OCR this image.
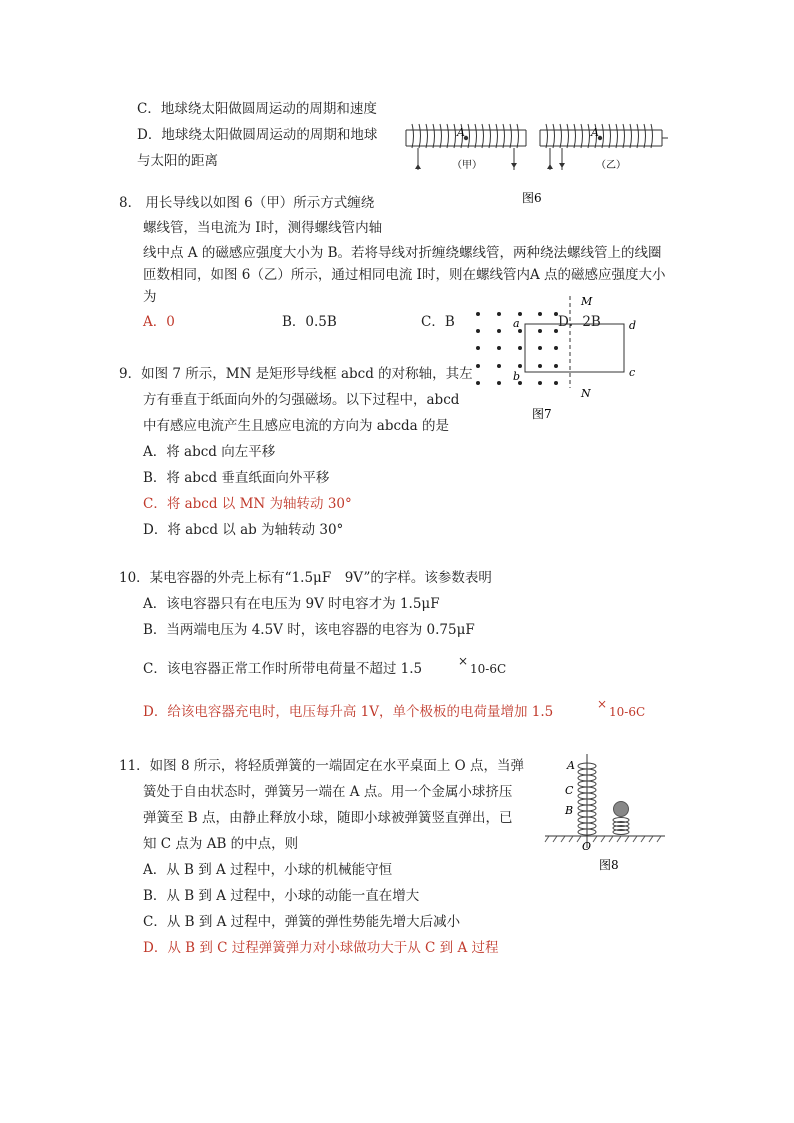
C．地球绕太阳做圆周运动的周期和速度
D．地球绕太阳做圆周运动的周期和地球
与太阳的距离
A	A
（甲）	（乙）
图6
8． 用长导线以如图 6（甲）所示方式缠绕
螺线管，当电流为 I时，测得螺线管内轴
线中点 A 的磁感应强度大小为 B。若将导线对折缠绕螺线管，两种绕法螺线管上的线圈
匝数相同，如图 6（乙）所示，通过相同电流 I时，则在螺线管内A 点的磁感应强度大小
为
A．0	B．0.5B	C．B	D．2B
M
N
a
b	c
d
图7
9．如图 7 所示，MN 是矩形导线框 abcd 的对称轴，其左
方有垂直于纸面向外的匀强磁场。以下过程中，abcd
中有感应电流产生且感应电流的方向为 abcda 的是
A．将 abcd 向左平移
B．将 abcd 垂直纸面向外平移
C．将 abcd 以 MN 为轴转动 30°
D．将 abcd 以 ab 为轴转动 30°
10．某电容器的外壳上标有“1.5μF　9V”的字样。该参数表明
A．该电容器只有在电压为 9V 时电容才为 1.5μF
B．当两端电压为 4.5V 时，该电容器的电容为 0.75μF
C．该电容器正常工作时所带电荷量不超过 1.5	×
10-6C
D．给该电容器充电时，电压每升高 1V，单个极板的电荷量增加 1.5	×
10-6C
11．如图 8 所示，将轻质弹簧的一端固定在水平桌面上 O 点，当弹
簧处于自由状态时，弹簧另一端在 A 点。用一个金属小球挤压
弹簧至 B 点，由静止释放小球，随即小球被弹簧竖直弹出，已
知 C 点为 AB 的中点，则
A．从 B 到 A 过程中，小球的机械能守恒
B．从 B 到 A 过程中，小球的动能一直在增大
C．从 B 到 A 过程中，弹簧的弹性势能先增大后减小
D．从 B 到 C 过程弹簧弹力对小球做功大于从 C 到 A 过程
A
C
B
O
图8
